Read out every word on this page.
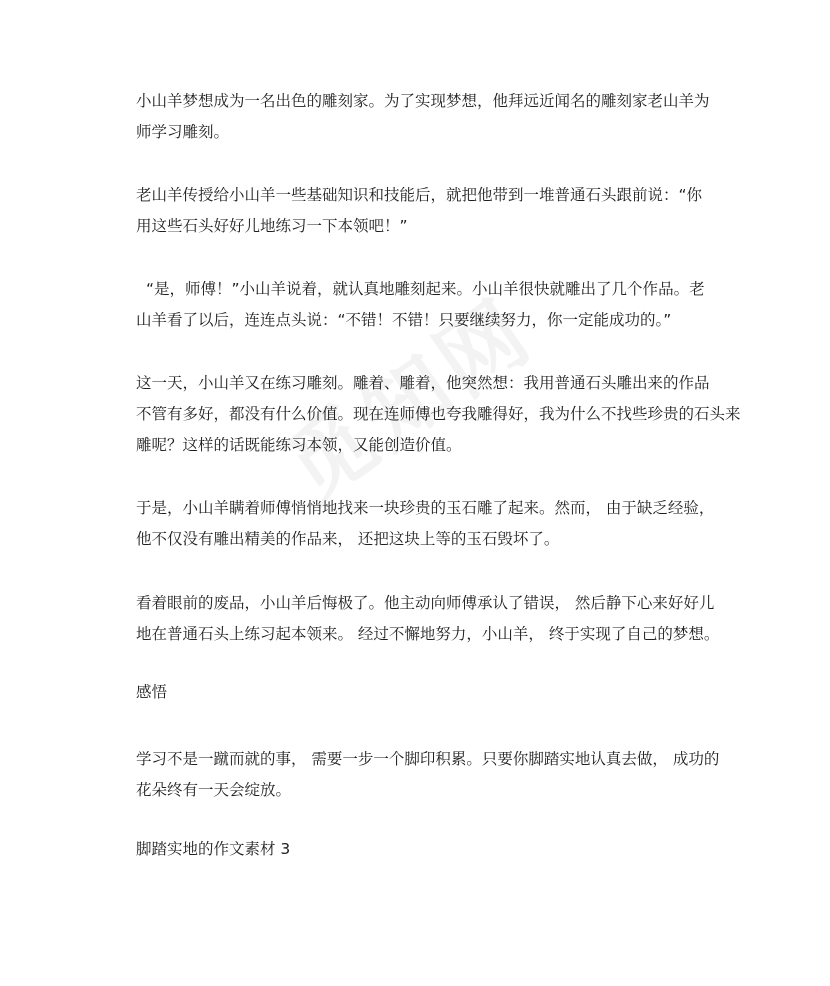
小山羊梦想成为一名出色的雕刻家。为了实现梦想，他拜远近闻名的雕刻家老山羊为
师学习雕刻。
老山羊传授给小山羊一些基础知识和技能后，就把他带到一堆普通石头跟前说：“你
用这些石头好好儿地练习一下本领吧！”
“是，师傅！”小山羊说着，就认真地雕刻起来。小山羊很快就雕出了几个作品。老
山羊看了以后，连连点头说：“不错！不错！只要继续努力，你一定能成功的。”
这一天，小山羊又在练习雕刻。雕着、雕着，他突然想：我用普通石头雕出来的作品
不管有多好，都没有什么价值。现在连师傅也夸我雕得好，我为什么不找些珍贵的石头来
雕呢？这样的话既能练习本领，又能创造价值。
于是，小山羊瞒着师傅悄悄地找来一块珍贵的玉石雕了起来。然而， 由于缺乏经验，
他不仅没有雕出精美的作品来， 还把这块上等的玉石毁坏了。
看着眼前的废品，小山羊后悔极了。他主动向师傅承认了错误， 然后静下心来好好儿
地在普通石头上练习起本领来。 经过不懈地努力，小山羊， 终于实现了自己的梦想。
感悟
学习不是一蹴而就的事， 需要一步一个脚印积累。只要你脚踏实地认真去做， 成功的
花朵终有一天会绽放。
脚踏实地的作文素材 3
